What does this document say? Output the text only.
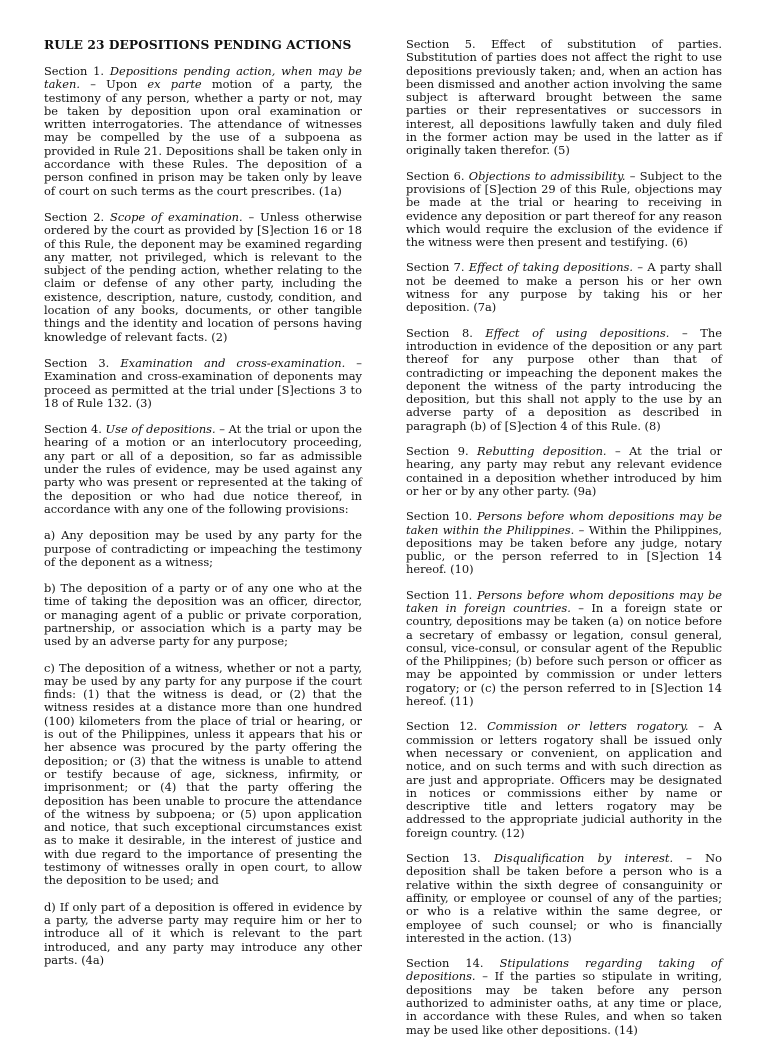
RULE 23 DEPOSITIONS PENDING ACTIONS

Section 1. Depositions pending action, when may be taken. – Upon ex parte motion of a party, the testimony of any person, whether a party or not, may be taken by deposition upon oral examination or written interrogatories. The attendance of witnesses may be compelled by the use of a subpoena as provided in Rule 21. Depositions shall be taken only in accordance with these Rules. The deposition of a person confined in prison may be taken only by leave of court on such terms as the court prescribes. (1a)

Section 2. Scope of examination. – Unless otherwise ordered by the court as provided by [S]ection 16 or 18 of this Rule, the deponent may be examined regarding any matter, not privileged, which is relevant to the subject of the pending action, whether relating to the claim or defense of any other party, including the existence, description, nature, custody, condition, and location of any books, documents, or other tangible things and the identity and location of persons having knowledge of relevant facts. (2)

Section 3. Examination and cross-examination. – Examination and cross-examination of deponents may proceed as permitted at the trial under [S]ections 3 to 18 of Rule 132. (3)

Section 4. Use of depositions. – At the trial or upon the hearing of a motion or an interlocutory proceeding, any part or all of a deposition, so far as admissible under the rules of evidence, may be used against any party who was present or represented at the taking of the deposition or who had due notice thereof, in accordance with any one of the following provisions:

a) Any deposition may be used by any party for the purpose of contradicting or impeaching the testimony of the deponent as a witness;

b) The deposition of a party or of any one who at the time of taking the deposition was an officer, director, or managing agent of a public or private corporation, partnership, or association which is a party may be used by an adverse party for any purpose;

c) The deposition of a witness, whether or not a party, may be used by any party for any purpose if the court finds: (1) that the witness is dead, or (2) that the witness resides at a distance more than one hundred (100) kilometers from the place of trial or hearing, or is out of the Philippines, unless it appears that his or her absence was procured by the party offering the deposition; or (3) that the witness is unable to attend or testify because of age, sickness, infirmity, or imprisonment; or (4) that the party offering the deposition has been unable to procure the attendance of the witness by subpoena; or (5) upon application and notice, that such exceptional circumstances exist as to make it desirable, in the interest of justice and with due regard to the importance of presenting the testimony of witnesses orally in open court, to allow the deposition to be used; and

d) If only part of a deposition is offered in evidence by a party, the adverse party may require him or her to introduce all of it which is relevant to the part introduced, and any party may introduce any other parts. (4a)

Section 5. Effect of substitution of parties. Substitution of parties does not affect the right to use depositions previously taken; and, when an action has been dismissed and another action involving the same subject is afterward brought between the same parties or their representatives or successors in interest, all depositions lawfully taken and duly filed in the former action may be used in the latter as if originally taken therefor. (5)

Section 6. Objections to admissibility. – Subject to the provisions of [S]ection 29 of this Rule, objections may be made at the trial or hearing to receiving in evidence any deposition or part thereof for any reason which would require the exclusion of the evidence if the witness were then present and testifying. (6)

Section 7. Effect of taking depositions. – A party shall not be deemed to make a person his or her own witness for any purpose by taking his or her deposition. (7a)

Section 8. Effect of using depositions. – The introduction in evidence of the deposition or any part thereof for any purpose other than that of contradicting or impeaching the deponent makes the deponent the witness of the party introducing the deposition, but this shall not apply to the use by an adverse party of a deposition as described in paragraph (b) of [S]ection 4 of this Rule. (8)

Section 9. Rebutting deposition. – At the trial or hearing, any party may rebut any relevant evidence contained in a deposition whether introduced by him or her or by any other party. (9a)

Section 10. Persons before whom depositions may be taken within the Philippines. – Within the Philippines, depositions may be taken before any judge, notary public, or the person referred to in [S]ection 14 hereof. (10)

Section 11. Persons before whom depositions may be taken in foreign countries. – In a foreign state or country, depositions may be taken (a) on notice before a secretary of embassy or legation, consul general, consul, vice-consul, or consular agent of the Republic of the Philippines; (b) before such person or officer as may be appointed by commission or under letters rogatory; or (c) the person referred to in [S]ection 14 hereof. (11)

Section 12. Commission or letters rogatory. – A commission or letters rogatory shall be issued only when necessary or convenient, on application and notice, and on such terms and with such direction as are just and appropriate. Officers may be designated in notices or commissions either by name or descriptive title and letters rogatory may be addressed to the appropriate judicial authority in the foreign country. (12)

Section 13. Disqualification by interest. – No deposition shall be taken before a person who is a relative within the sixth degree of consanguinity or affinity, or employee or counsel of any of the parties; or who is a relative within the same degree, or employee of such counsel; or who is financially interested in the action. (13)

Section 14. Stipulations regarding taking of depositions. – If the parties so stipulate in writing, depositions may be taken before any person authorized to administer oaths, at any time or place, in accordance with these Rules, and when so taken may be used like other depositions. (14)
